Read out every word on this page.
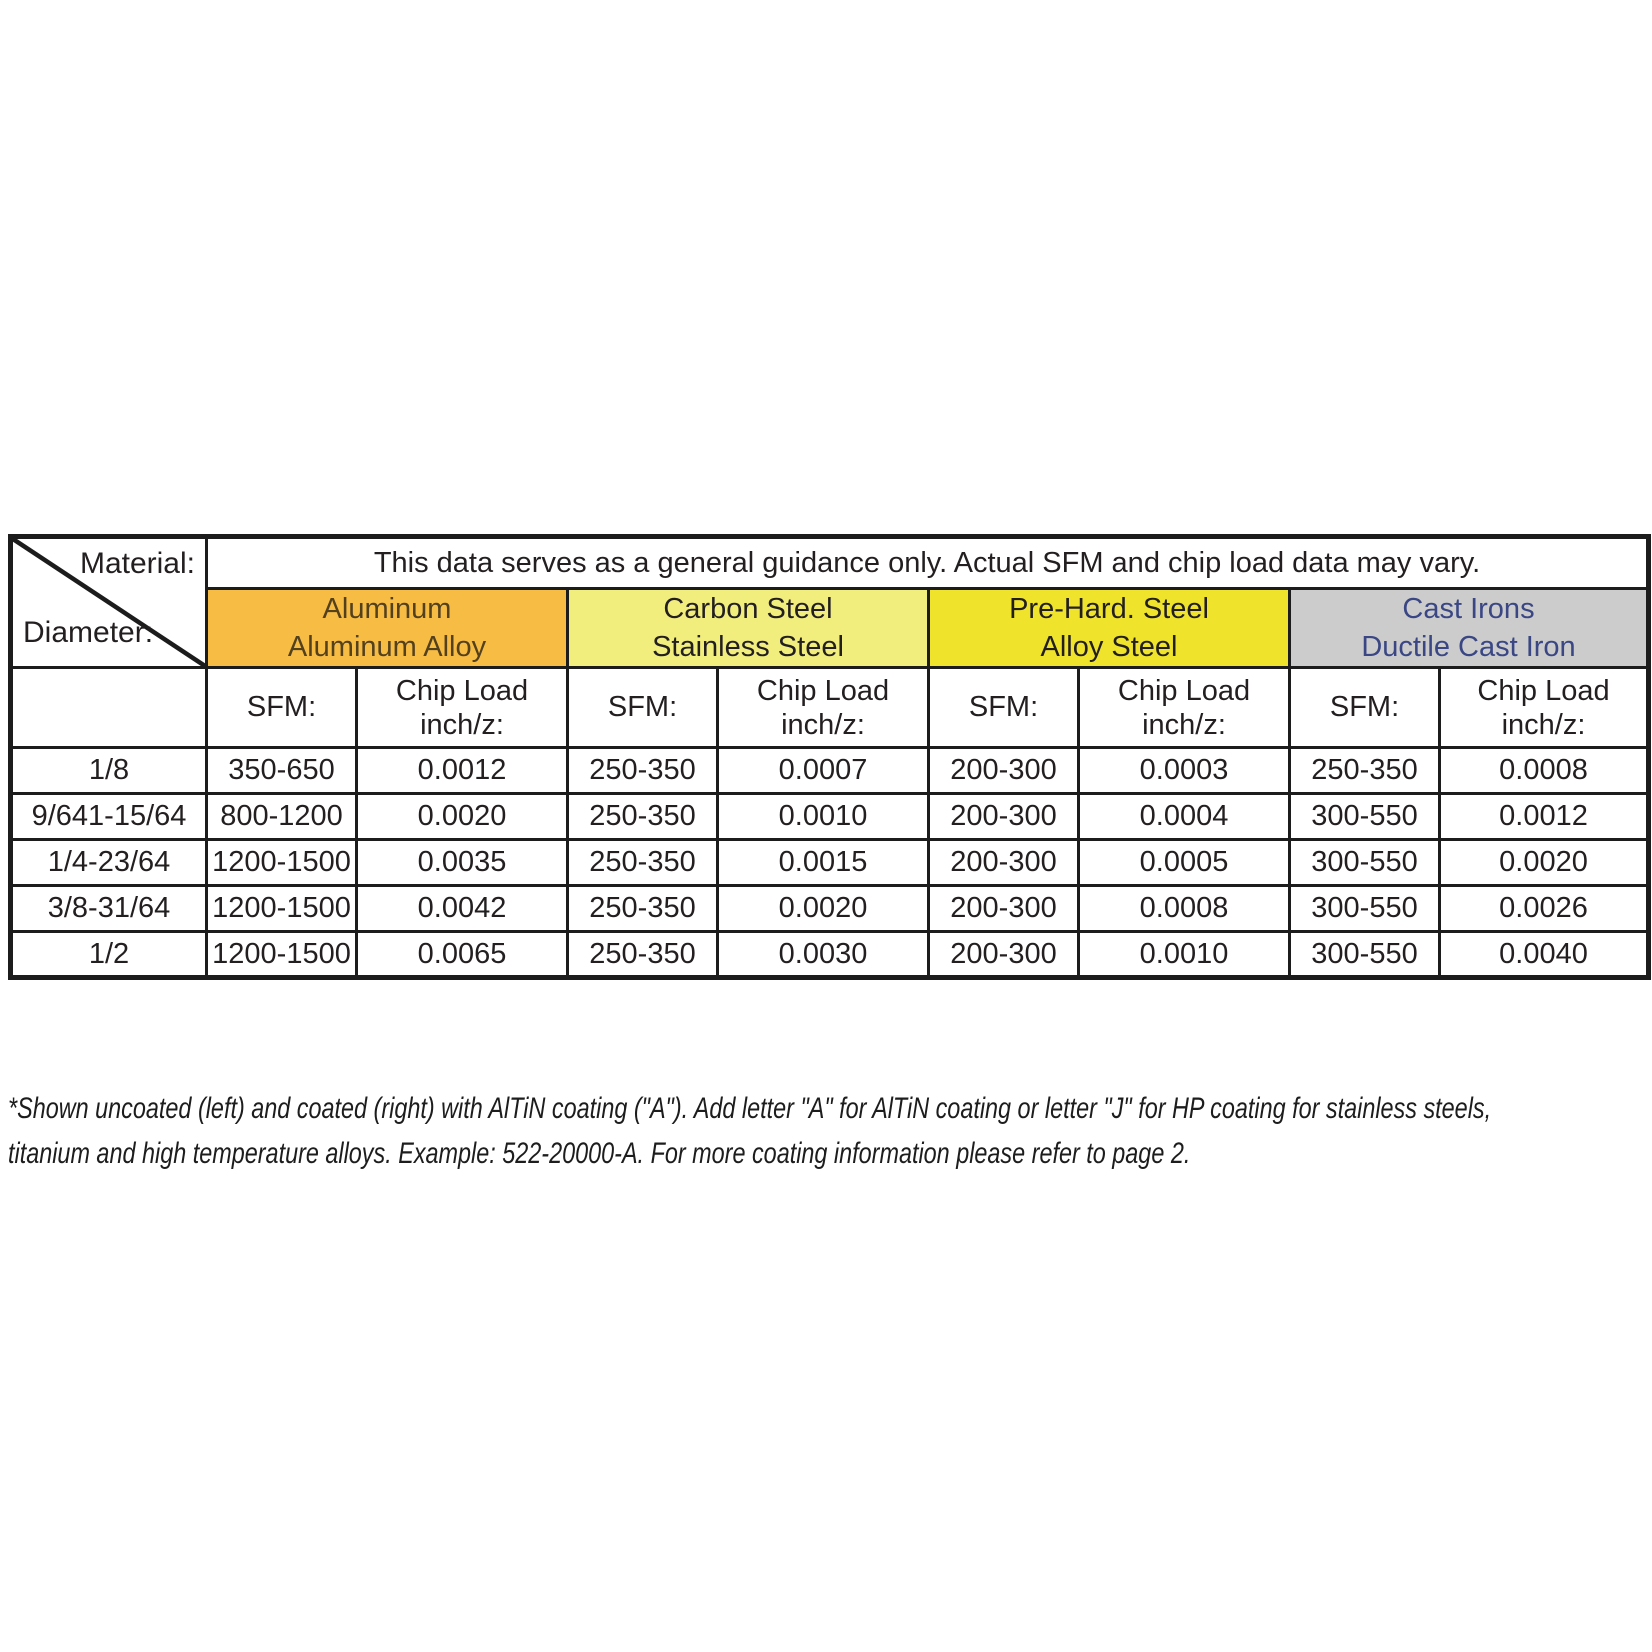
Material:
Diameter:	This data serves as a general guidance only. Actual SFM and chip load data may vary.							

Aluminum
Aluminum Alloy

Carbon Steel
Stainless Steel

Pre-Hard. Steel
Alloy Steel

Cast Irons
Ductile Cast Iron

	SFM:	
Chip Load
inch/z:
	SFM:	
Chip Load
inch/z:
	SFM:	
Chip Load
inch/z:
	SFM:	
Chip Load
inch/z:

1/8	350-650	0.0012	250-350	0.0007	200-300	0.0003	250-350	0.0008
9/641-15/64	800-1200	0.0020	250-350	0.0010	200-300	0.0004	300-550	0.0012
1/4-23/64	1200-1500	0.0035	250-350	0.0015	200-300	0.0005	300-550	0.0020
3/8-31/64	1200-1500	0.0042	250-350	0.0020	200-300	0.0008	300-550	0.0026
1/2	1200-1500	0.0065	250-350	0.0030	200-300	0.0010	300-550	0.0040
*Shown uncoated (left) and coated (right) with AlTiN coating ("A"). Add letter "A" for AlTiN coating or letter "J" for HP coating for stainless steels,
titanium and high temperature alloys. Example: 522-20000-A. For more coating information please refer to page 2.
